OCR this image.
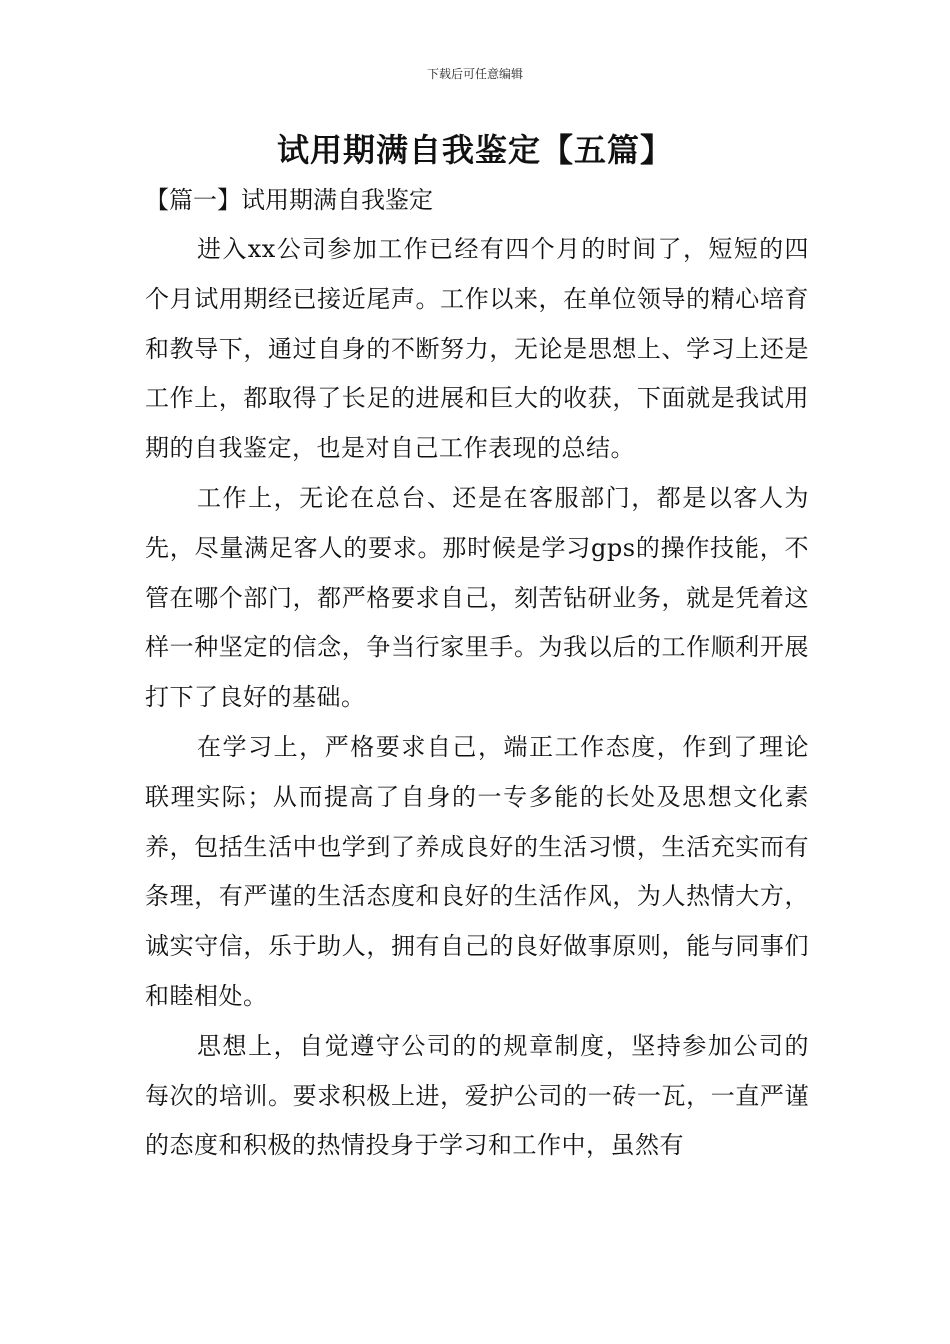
下载后可任意编辑
试用期满自我鉴定【五篇】
【篇一】试用期满自我鉴定

进入xx公司参加工作已经有四个月的时间了，短短的四个月试用期经已接近尾声。工作以来，在单位领导的精心培育和教导下，通过自身的不断努力，无论是思想上、学习上还是工作上，都取得了长足的进展和巨大的收获，下面就是我试用期的自我鉴定，也是对自己工作表现的总结。

工作上，无论在总台、还是在客服部门，都是以客人为先，尽量满足客人的要求。那时候是学习gps的操作技能，不管在哪个部门，都严格要求自己，刻苦钻研业务，就是凭着这样一种坚定的信念，争当行家里手。为我以后的工作顺利开展打下了良好的基础。

在学习上，严格要求自己，端正工作态度，作到了理论联理实际；从而提高了自身的一专多能的长处及思想文化素养，包括生活中也学到了养成良好的生活习惯，生活充实而有条理，有严谨的生活态度和良好的生活作风，为人热情大方，诚实守信，乐于助人，拥有自己的良好做事原则，能与同事们和睦相处。

思想上，自觉遵守公司的的规章制度，坚持参加公司的每次的培训。要求积极上进，爱护公司的一砖一瓦，一直严谨的态度和积极的热情投身于学习和工作中，虽然有
